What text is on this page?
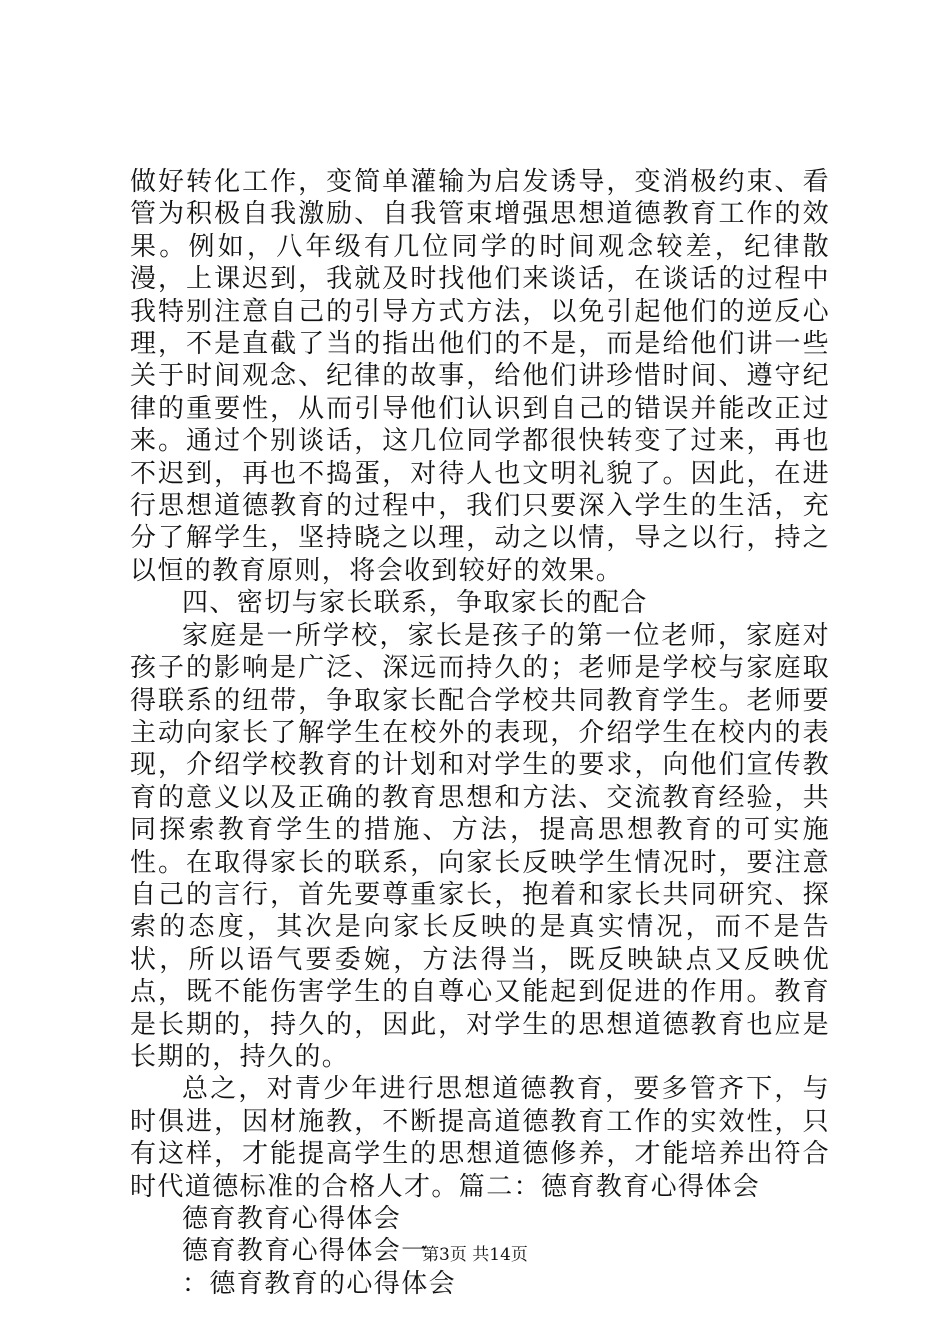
做好转化工作，变简单灌输为启发诱导，变消极约束、看管为积极自我激励、自我管束增强思想道德教育工作的效果。例如，八年级有几位同学的时间观念较差，纪律散漫，上课迟到，我就及时找他们来谈话，在谈话的过程中我特别注意自己的引导方式方法，以免引起他们的逆反心理，不是直截了当的指出他们的不是，而是给他们讲一些关于时间观念、纪律的故事，给他们讲珍惜时间、遵守纪律的重要性，从而引导他们认识到自己的错误并能改正过来。通过个别谈话，这几位同学都很快转变了过来，再也不迟到，再也不捣蛋，对待人也文明礼貌了。因此，在进行思想道德教育的过程中，我们只要深入学生的生活，充分了解学生，坚持晓之以理，动之以情，导之以行，持之以恒的教育原则，将会收到较好的效果。

四、密切与家长联系，争取家长的配合

家庭是一所学校，家长是孩子的第一位老师，家庭对孩子的影响是广泛、深远而持久的；老师是学校与家庭取得联系的纽带，争取家长配合学校共同教育学生。老师要主动向家长了解学生在校外的表现，介绍学生在校内的表现，介绍学校教育的计划和对学生的要求，向他们宣传教育的意义以及正确的教育思想和方法、交流教育经验，共同探索教育学生的措施、方法，提高思想教育的可实施性。在取得家长的联系，向家长反映学生情况时，要注意自己的言行，首先要尊重家长，抱着和家长共同研究、探索的态度，其次是向家长反映的是真实情况，而不是告状，所以语气要委婉，方法得当，既反映缺点又反映优点，既不能伤害学生的自尊心又能起到促进的作用。教育是长期的，持久的，因此，对学生的思想道德教育也应是长期的，持久的。

总之，对青少年进行思想道德教育，要多管齐下，与时俱进，因材施教，不断提高道德教育工作的实效性，只有这样，才能提高学生的思想道德修养，才能培养出符合时代道德标准的合格人才。篇二：德育教育心得体会

德育教育心得体会

德育教育心得体会一

：德育教育的心得体会

第3页 共14页
